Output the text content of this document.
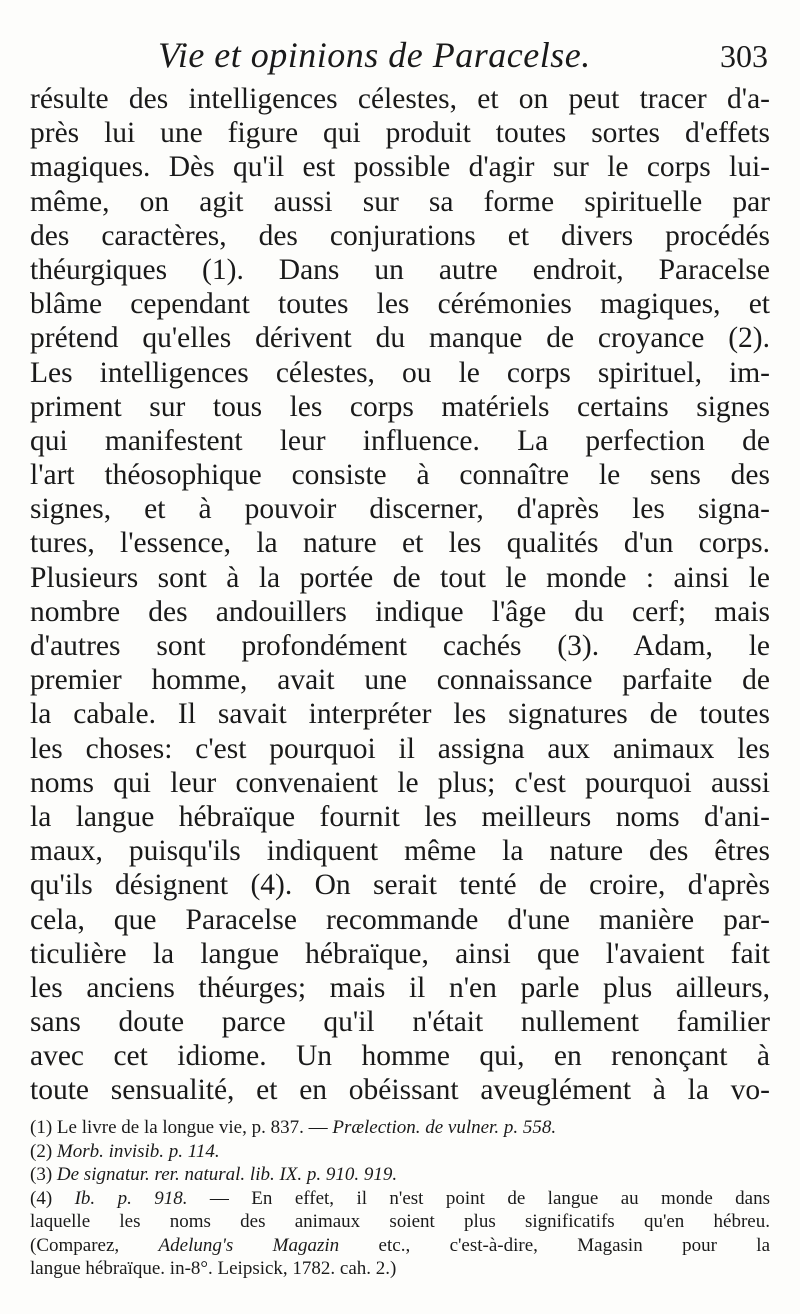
Vie et opinions de Paracelse.	303
résulte des intelligences célestes, et on peut tracer d'a-
près lui une figure qui produit toutes sortes d'effets
magiques. Dès qu'il est possible d'agir sur le corps lui-
même, on agit aussi sur sa forme spirituelle par
des caractères, des conjurations et divers procédés
théurgiques (1). Dans un autre endroit, Paracelse
blâme cependant toutes les cérémonies magiques, et
prétend qu'elles dérivent du manque de croyance (2).
Les intelligences célestes, ou le corps spirituel, im-
priment sur tous les corps matériels certains signes
qui manifestent leur influence. La perfection de
l'art théosophique consiste à connaître le sens des
signes, et à pouvoir discerner, d'après les signa-
tures, l'essence, la nature et les qualités d'un corps.
Plusieurs sont à la portée de tout le monde : ainsi le
nombre des andouillers indique l'âge du cerf; mais
d'autres sont profondément cachés (3). Adam, le
premier homme, avait une connaissance parfaite de
la cabale. Il savait interpréter les signatures de toutes
les choses: c'est pourquoi il assigna aux animaux les
noms qui leur convenaient le plus; c'est pourquoi aussi
la langue hébraïque fournit les meilleurs noms d'ani-
maux, puisqu'ils indiquent même la nature des êtres
qu'ils désignent (4). On serait tenté de croire, d'après
cela, que Paracelse recommande d'une manière par-
ticulière la langue hébraïque, ainsi que l'avaient fait
les anciens théurges; mais il n'en parle plus ailleurs,
sans doute parce qu'il n'était nullement familier
avec cet idiome. Un homme qui, en renonçant à
toute sensualité, et en obéissant aveuglément à la vo-
(1) Le livre de la longue vie, p. 837. — Prælection. de vulner. p. 558.
(2) Morb. invisib. p. 114.
(3) De signatur. rer. natural. lib. IX. p. 910. 919.
(4) Ib. p. 918. — En effet, il n'est point de langue au monde dans
laquelle les noms des animaux soient plus significatifs qu'en hébreu.
(Comparez, Adelung's Magazin etc., c'est-à-dire, Magasin pour la
langue hébraïque. in-8°. Leipsick, 1782. cah. 2.)
